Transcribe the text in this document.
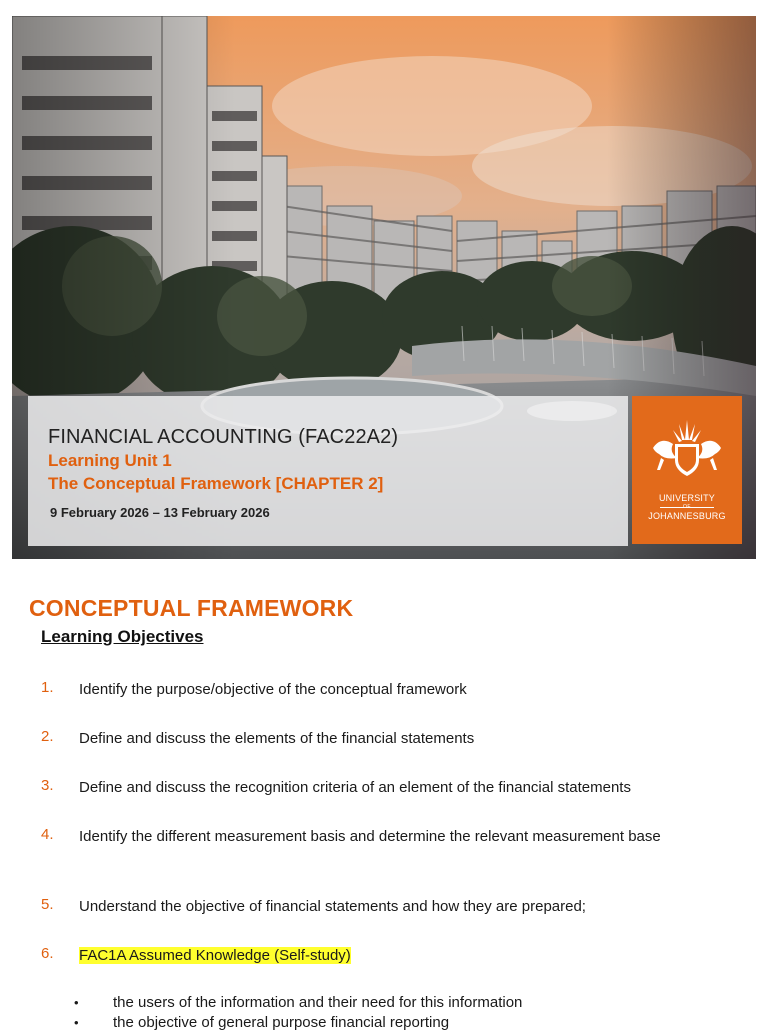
FINANCIAL ACCOUNTING (FAC22A2)
Learning Unit 1
The Conceptual Framework [CHAPTER 2]
9 February 2026 – 13 February 2026
UNIVERSITY
OF
JOHANNESBURG
CONCEPTUAL FRAMEWORK
Learning Objectives
1. Identify the purpose/objective of the conceptual framework
2. Define and discuss the elements of the financial statements
3. Define and discuss the recognition criteria of an element of the financial statements
4. Identify the different measurement basis and determine the relevant measurement base
5. Understand the objective of financial statements and how they are prepared;
6. FAC1A Assumed Knowledge (Self-study)
• the users of the information and their need for this information
• the objective of general purpose financial reporting
